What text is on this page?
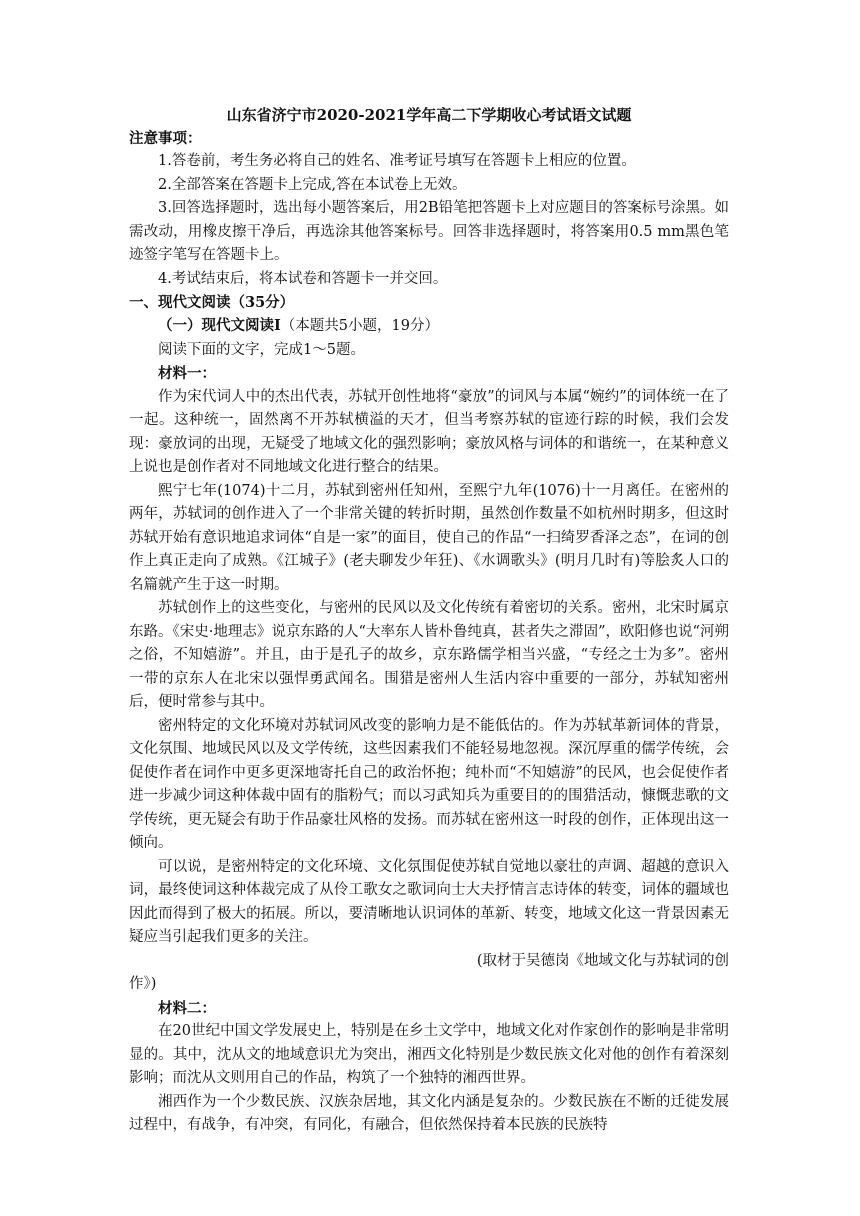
山东省济宁市2020-2021学年高二下学期收心考试语文试题
注意事项：

1.答卷前，考生务必将自己的姓名、准考证号填写在答题卡上相应的位置。

2.全部答案在答题卡上完成,答在本试卷上无效。

3.回答选择题时，选出每小题答案后，用2B铅笔把答题卡上对应题目的答案标号涂黑。如需改动，用橡皮擦干净后，再选涂其他答案标号。回答非选择题时，将答案用0.5 mm黑色笔迹签字笔写在答题卡上。

4.考试结束后，将本试卷和答题卡一并交回。

一、现代文阅读（35分）
（一）现代文阅读Ⅰ（本题共5小题，19分）

阅读下面的文字，完成1～5题。

材料一：

作为宋代词人中的杰出代表，苏轼开创性地将“豪放”的词风与本属“婉约”的词体统一在了一起。这种统一，固然离不开苏轼横溢的天才，但当考察苏轼的宦迹行踪的时候，我们会发现：豪放词的出现，无疑受了地域文化的强烈影响；豪放风格与词体的和谐统一，在某种意义上说也是创作者对不同地域文化进行整合的结果。

熙宁七年(1074)十二月，苏轼到密州任知州，至熙宁九年(1076)十一月离任。在密州的两年，苏轼词的创作进入了一个非常关键的转折时期，虽然创作数量不如杭州时期多，但这时苏轼开始有意识地追求词体“自是一家”的面目，使自己的作品“一扫绮罗香泽之态”，在词的创作上真正走向了成熟。《江城子》(老夫聊发少年狂)、《水调歌头》(明月几时有)等脍炙人口的名篇就产生于这一时期。

苏轼创作上的这些变化，与密州的民风以及文化传统有着密切的关系。密州，北宋时属京东路。《宋史·地理志》说京东路的人“大率东人皆朴鲁纯真，甚者失之滞固”，欧阳修也说“河朔之俗，不知嬉游”。并且，由于是孔子的故乡，京东路儒学相当兴盛，“专经之士为多”。密州一带的京东人在北宋以强悍勇武闻名。围猎是密州人生活内容中重要的一部分，苏轼知密州后，便时常参与其中。

密州特定的文化环境对苏轼词风改变的影响力是不能低估的。作为苏轼革新词体的背景，文化氛围、地域民风以及文学传统，这些因素我们不能轻易地忽视。深沉厚重的儒学传统，会促使作者在词作中更多更深地寄托自己的政治怀抱；纯朴而“不知嬉游”的民风，也会促使作者进一步减少词这种体裁中固有的脂粉气；而以习武知兵为重要目的的围猎活动，慷慨悲歌的文学传统，更无疑会有助于作品豪壮风格的发扬。而苏轼在密州这一时段的创作，正体现出这一倾向。

可以说，是密州特定的文化环境、文化氛围促使苏轼自觉地以豪壮的声调、超越的意识入词，最终使词这种体裁完成了从伶工歌女之歌词向士大夫抒情言志诗体的转变，词体的疆域也因此而得到了极大的拓展。所以，要清晰地认识词体的革新、转变，地域文化这一背景因素无疑应当引起我们更多的关注。

(取材于吴德岗《地域文化与苏轼词的创
作》)
材料二：

在20世纪中国文学发展史上，特别是在乡土文学中，地域文化对作家创作的影响是非常明显的。其中，沈从文的地域意识尤为突出，湘西文化特别是少数民族文化对他的创作有着深刻影响；而沈从文则用自己的作品，构筑了一个独特的湘西世界。

湘西作为一个少数民族、汉族杂居地，其文化内涵是复杂的。少数民族在不断的迁徙发展过程中，有战争，有冲突，有同化，有融合，但依然保持着本民族的民族特
